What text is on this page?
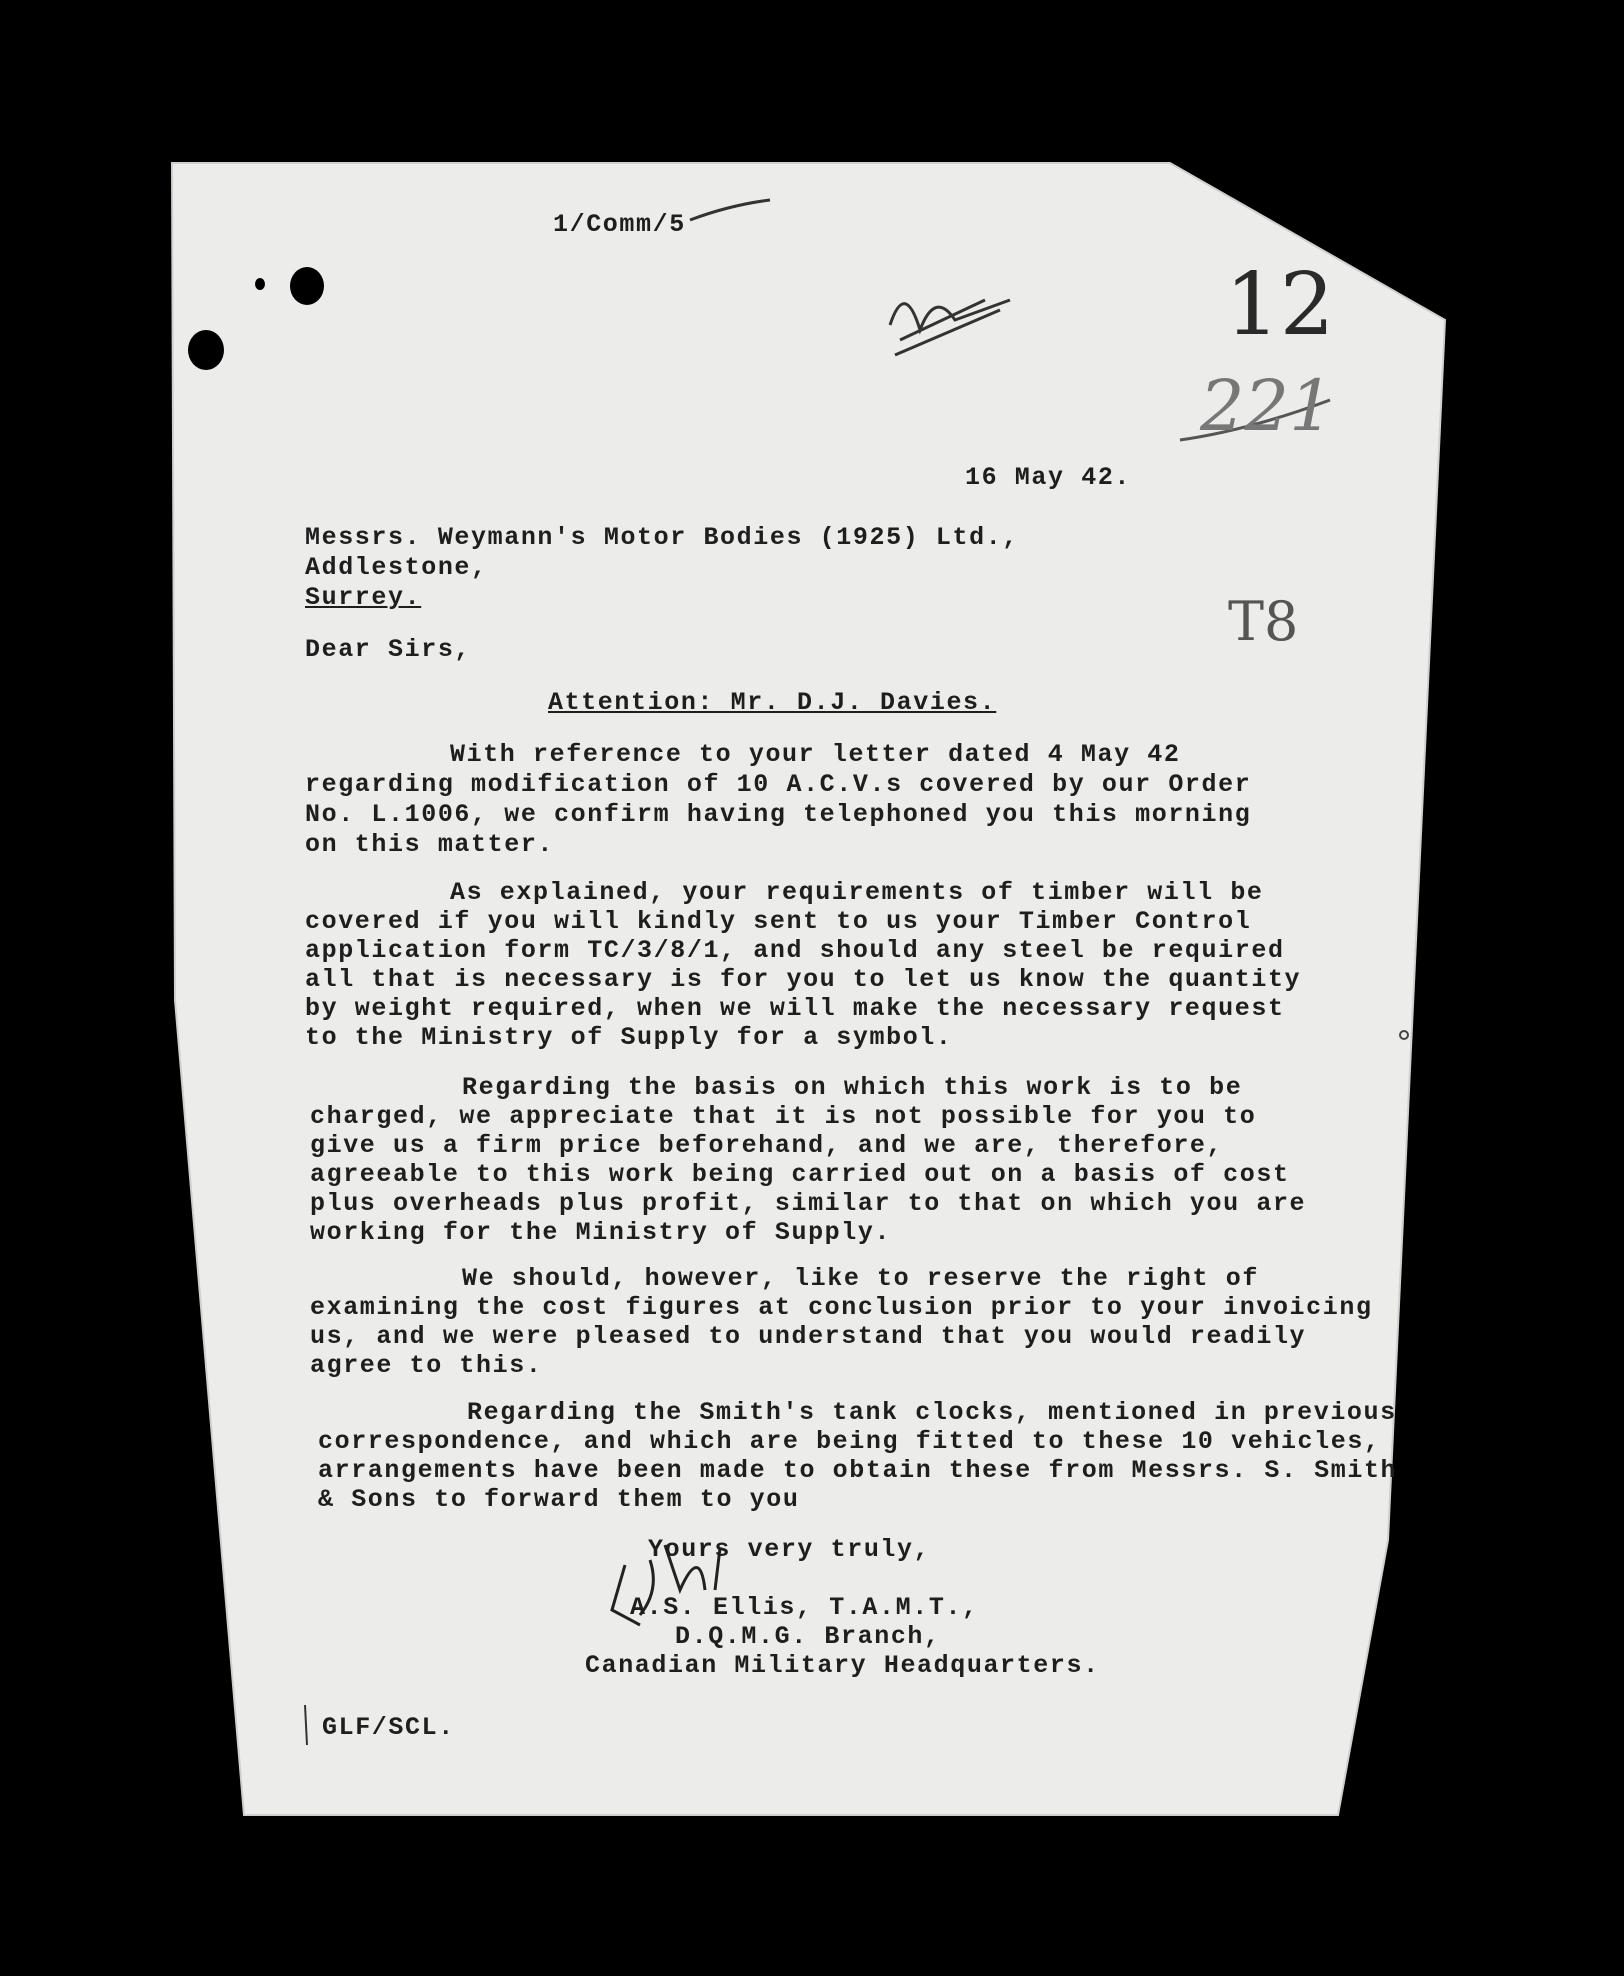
12
221
T8
1/Comm/5
16 May 42.
Messrs. Weymann's Motor Bodies (1925) Ltd.,
Addlestone,
Surrey.
Dear Sirs,
Attention: Mr. D.J. Davies.
With reference to your letter dated 4 May 42
regarding modification of 10 A.C.V.s covered by our Order
No. L.1006, we confirm having telephoned you this morning
on this matter.
As explained, your requirements of timber will be
covered if you will kindly sent to us your Timber Control
application form TC/3/8/1, and should any steel be required
all that is necessary is for you to let us know the quantity
by weight required, when we will make the necessary request
to the Ministry of Supply for a symbol.
Regarding the basis on which this work is to be
charged, we appreciate that it is not possible for you to
give us a firm price beforehand, and we are, therefore,
agreeable to this work being carried out on a basis of cost
plus overheads plus profit, similar to that on which you are
working for the Ministry of Supply.
We should, however, like to reserve the right of
examining the cost figures at conclusion prior to your invoicing
us, and we were pleased to understand that you would readily
agree to this.
Regarding the Smith's tank clocks, mentioned in previous
correspondence, and which are being fitted to these 10 vehicles,
arrangements have been made to obtain these from Messrs. S. Smith
& Sons to forward them to you
Yours very truly,
A.S. Ellis, T.A.M.T.,
D.Q.M.G. Branch,
Canadian Military Headquarters.
GLF/SCL.
